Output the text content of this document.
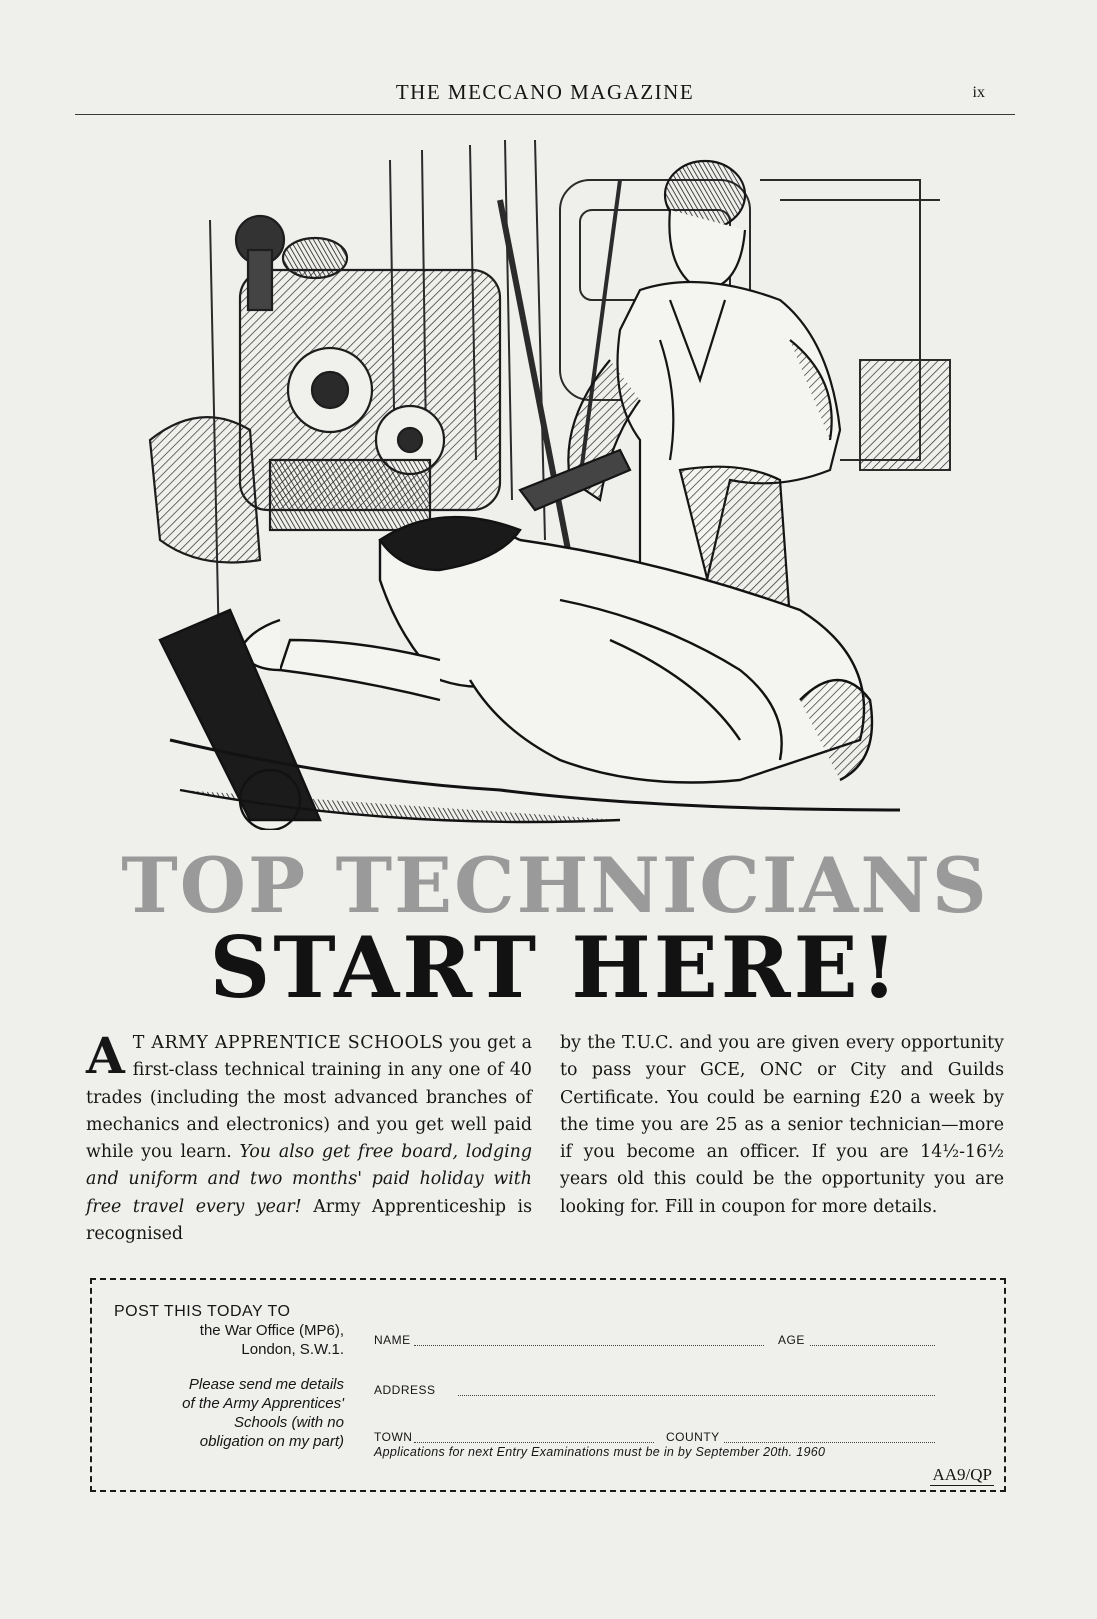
THE MECCANO MAGAZINE	ix
TOP TECHNICIANS
START HERE!

A T ARMY APPRENTICE SCHOOLS you get a first-class technical training in any one of 40 trades (including the most advanced branches of mechanics and electronics) and you get well paid while you learn. You also get free board, lodging and uniform and two months' paid holiday with free travel every year! Army Apprenticeship is recognised

by the T.U.C. and you are given every opportunity to pass your GCE, ONC or City and Guilds Certificate. You could be earning £20 a week by the time you are 25 as a senior technician—more if you become an officer. If you are 14½-16½ years old this could be the opportunity you are looking for. Fill in coupon for more details.

POST THIS TODAY TO
the War Office (MP6),
London, S.W.1.
Please send me details
of the Army Apprentices'
Schools (with no
obligation on my part)
NAME	AGE
ADDRESS
TOWN	COUNTY
Applications for next Entry Examinations must be in by September 20th. 1960
AA9/QP
